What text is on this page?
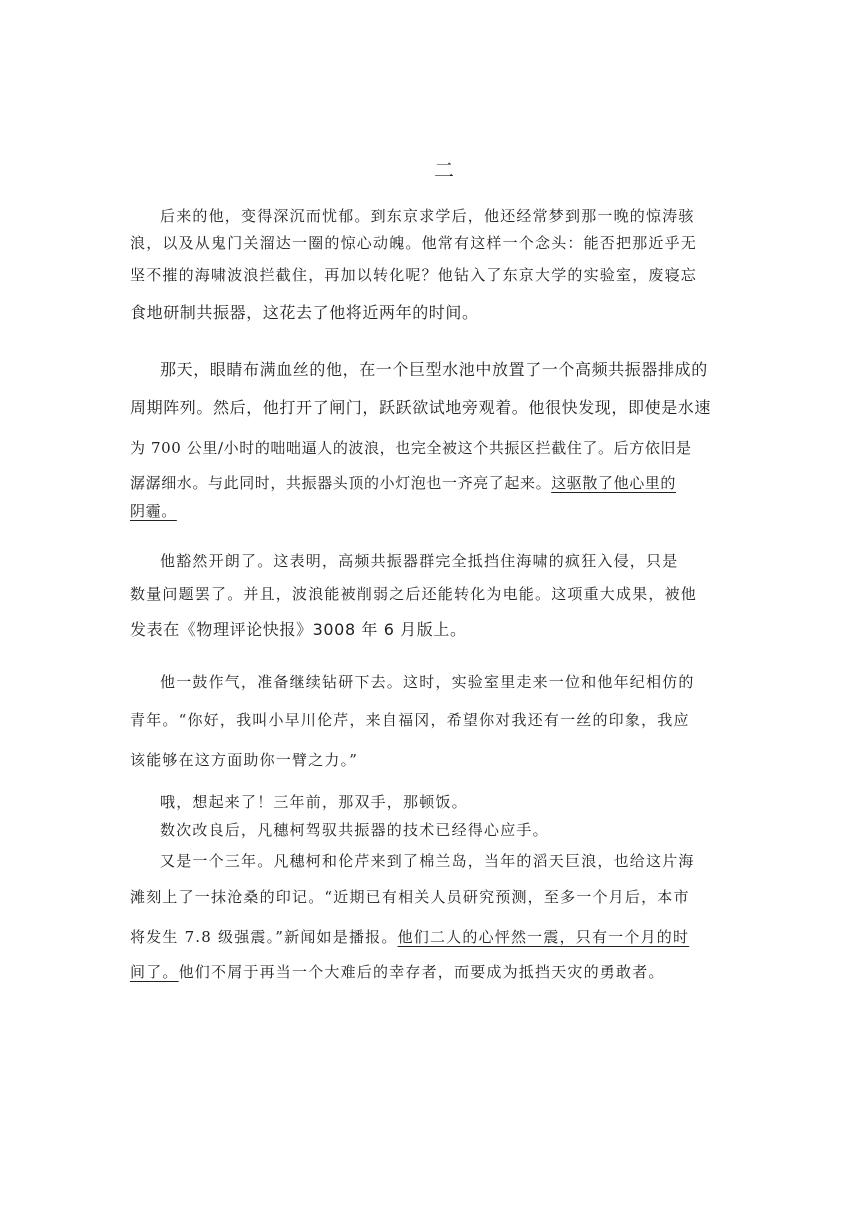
二
后来的他，变得深沉而忧郁。到东京求学后，他还经常梦到那一晚的惊涛骇
浪，以及从鬼门关溜达一圈的惊心动魄。他常有这样一个念头：能否把那近乎无
坚不摧的海啸波浪拦截住，再加以转化呢？他钻入了东京大学的实验室，废寝忘
食地研制共振器，这花去了他将近两年的时间。
那天，眼睛布满血丝的他，在一个巨型水池中放置了一个高频共振器排成的
周期阵列。然后，他打开了闸门，跃跃欲试地旁观着。他很快发现，即使是水速
为 700 公里/小时的咄咄逼人的波浪，也完全被这个共振区拦截住了。后方依旧是
潺潺细水。与此同时，共振器头顶的小灯泡也一齐亮了起来。这驱散了他心里的
阴霾。
他豁然开朗了。这表明，高频共振器群完全抵挡住海啸的疯狂入侵，只是
数量问题罢了。并且，波浪能被削弱之后还能转化为电能。这项重大成果，被他
发表在《物理评论快报》3008 年 6 月版上。
他一鼓作气，准备继续钻研下去。这时，实验室里走来一位和他年纪相仿的
青年。“你好，我叫小早川伦芹，来自福冈，希望你对我还有一丝的印象，我应
该能够在这方面助你一臂之力。”
哦，想起来了！三年前，那双手，那顿饭。
数次改良后，凡穗柯驾驭共振器的技术已经得心应手。
又是一个三年。凡穗柯和伦芹来到了棉兰岛，当年的滔天巨浪，也给这片海
滩刻上了一抹沧桑的印记。“近期已有相关人员研究预测，至多一个月后，本市
将发生 7.8 级强震。”新闻如是播报。他们二人的心怦然一震，只有一个月的时
间了。他们不屑于再当一个大难后的幸存者，而要成为抵挡天灾的勇敢者。
